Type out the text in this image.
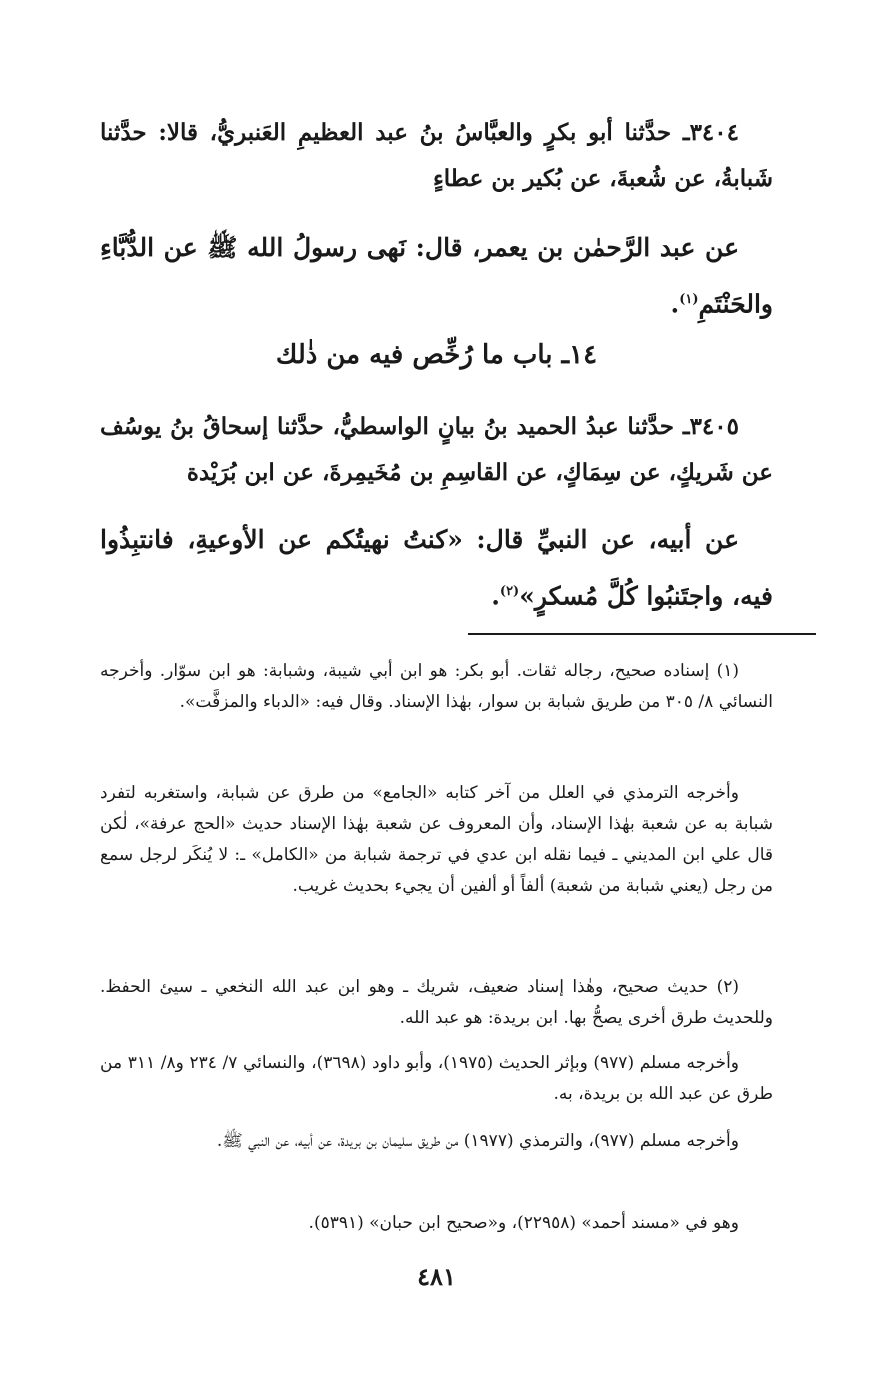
٣٤٠٤ـ حدَّثنا أبو بكرٍ والعبَّاسُ بنُ عبد العظيمِ العَنبريُّ، قالا: حدَّثنا شَبابةُ، عن شُعبةَ، عن بُكير بن عطاءٍ
عن عبد الرَّحمٰن بن يعمر، قال: نَهى رسولُ الله ﷺ عن الدُّبَّاءِ والحَنْتَمِ$^{(١)}$.
١٤ـ باب ما رُخِّص فيه من ذٰلك
٣٤٠٥ـ حدَّثنا عبدُ الحميد بنُ بيانٍ الواسطيُّ، حدَّثنا إسحاقُ بنُ يوسُف عن شَريكٍ، عن سِمَاكٍ، عن القاسِمِ بن مُخَيمِرةَ، عن ابن بُرَيْدة
عن أبيه، عن النبيِّ قال: «كنتُ نهيتُكم عن الأوعيةِ، فانتبِذُوا فيه، واجتَنبُوا كُلَّ مُسكرٍ»$^{(٢)}$.
(١) إسناده صحيح، رجاله ثقات. أبو بكر: هو ابن أبي شيبة، وشبابة: هو ابن سوّار. وأخرجه النسائي ٨/ ٣٠٥ من طريق شبابة بن سوار، بهٰذا الإسناد. وقال فيه: «الدباء والمزفَّت».
وأخرجه الترمذي في العلل من آخر كتابه «الجامع» من طرق عن شبابة، واستغربه لتفرد شبابة به عن شعبة بهٰذا الإسناد، وأن المعروف عن شعبة بهٰذا الإسناد حديث «الحج عرفة»، لٰكن قال علي ابن المديني ـ فيما نقله ابن عدي في ترجمة شبابة من «الكامل» ـ: لا يُنكَر لرجل سمع من رجل (يعني شبابة من شعبة) ألفاً أو ألفين أن يجيء بحديث غريب.
(٢) حديث صحيح، وهٰذا إسناد ضعيف، شريك ـ وهو ابن عبد الله النخعي ـ سيئ الحفظ. وللحديث طرق أخرى يصحُّ بها. ابن بريدة: هو عبد الله.
وأخرجه مسلم (٩٧٧) وبإثر الحديث (١٩٧٥)، وأبو داود (٣٦٩٨)، والنسائي ٧/ ٢٣٤ و٨/ ٣١١ من طرق عن عبد الله بن بريدة، به.
وأخرجه مسلم (٩٧٧)، والترمذي (١٩٧٧) من طريق سليمان بن بريدة، عن أبيه، عن النبي ﷺ.
وهو في «مسند أحمد» (٢٢٩٥٨)، و«صحيح ابن حبان» (٥٣٩١).
٤٨١
